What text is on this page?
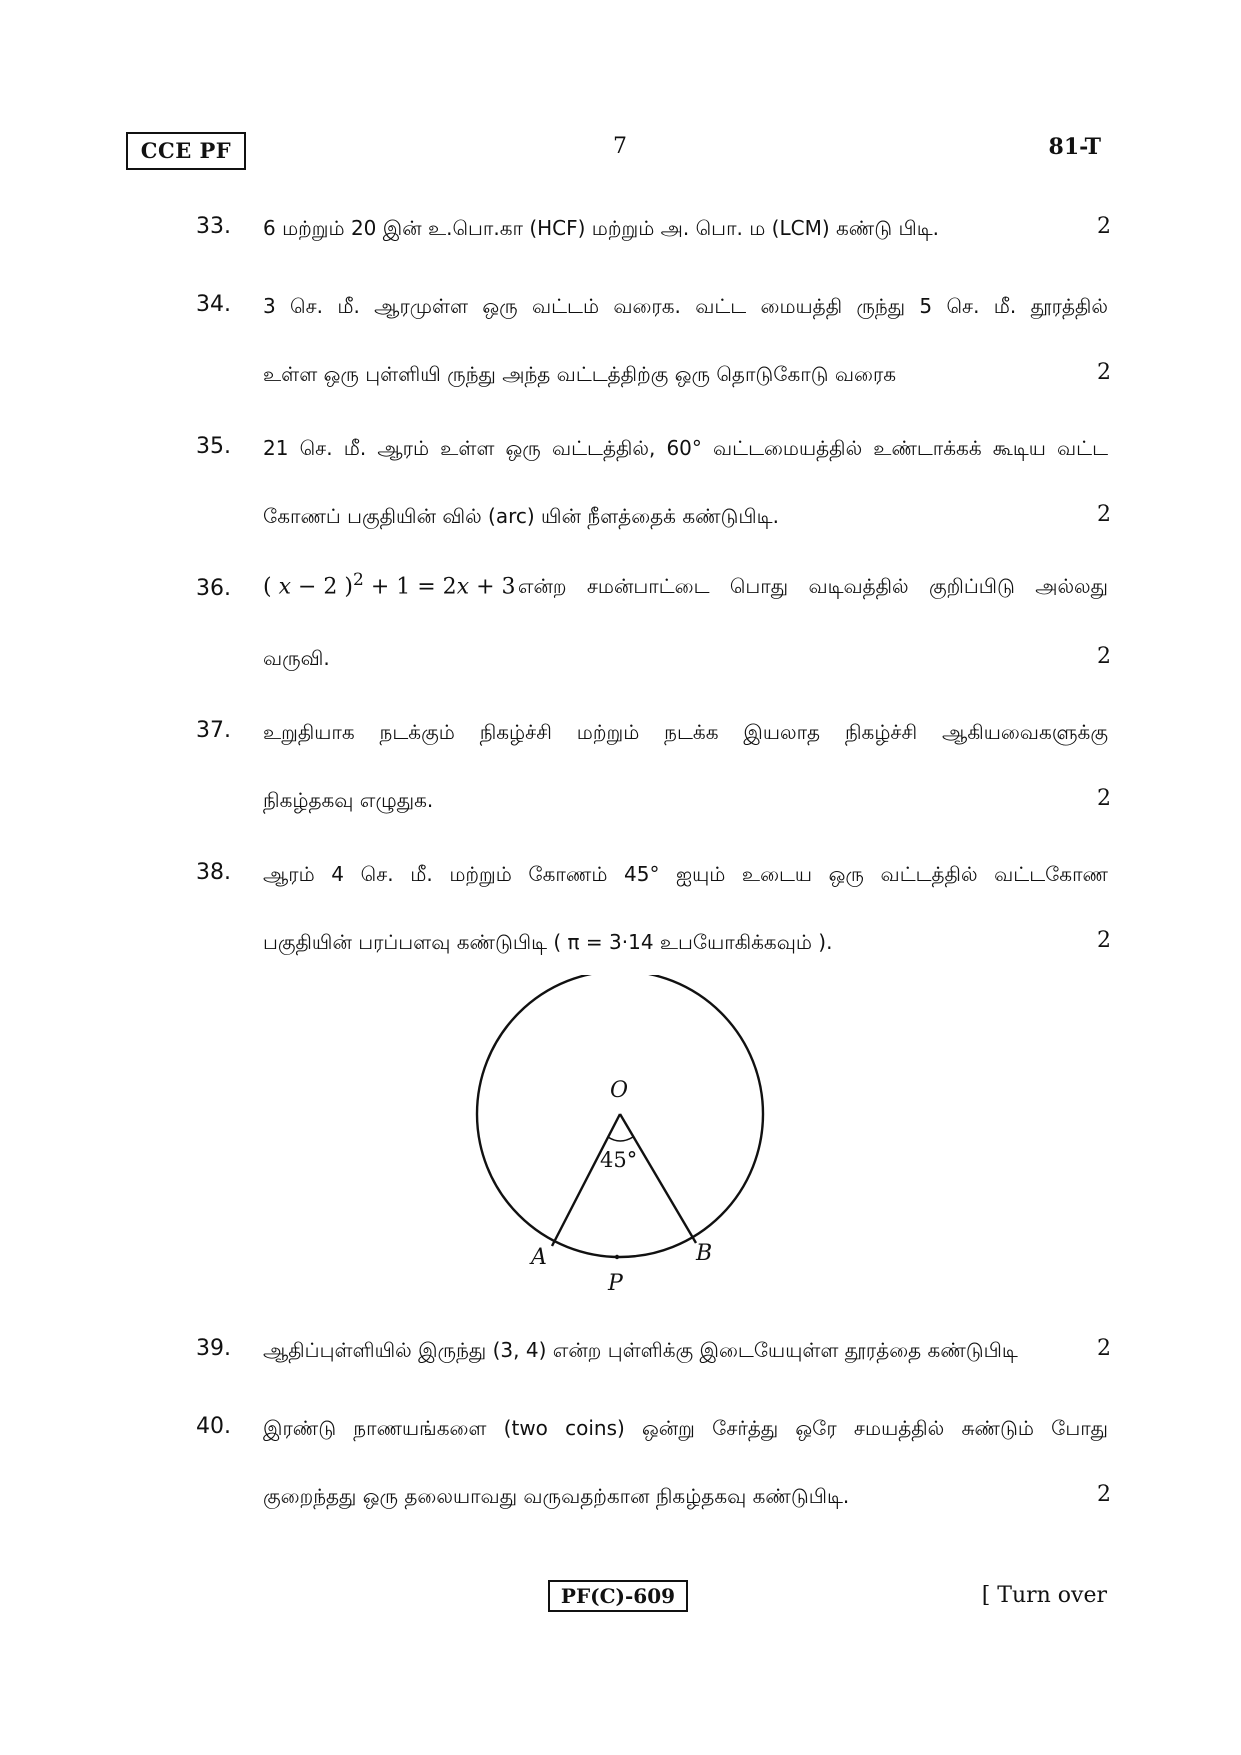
CCE PF	7	81-T
33. 6 மற்றும் 20 இன் உ.பொ.கா (HCF) மற்றும் அ. பொ. ம (LCM) கண்டு பிடி.	2
34. 3 செ. மீ. ஆரமுள்ள ஒரு வட்டம் வரைக. வட்ட மையத்தி ருந்து 5 செ. மீ. தூரத்தில்
உள்ள ஒரு புள்ளியி ருந்து அந்த வட்டத்திற்கு ஒரு தொடுகோடு வரைக	2
35. 21 செ. மீ. ஆரம் உள்ள ஒரு வட்டத்தில், 60° வட்டமையத்தில் உண்டாக்கக் கூடிய வட்ட
கோணப் பகுதியின் வில் (arc) யின் நீளத்தைக் கண்டுபிடி.	2
36. ( x − 2 )$^2$ + 1 = 2x + 3 என்ற சமன்பாட்டை பொது வடிவத்தில் குறிப்பிடு அல்லது
வருவி.	2
37. உறுதியாக நடக்கும் நிகழ்ச்சி மற்றும் நடக்க இயலாத நிகழ்ச்சி ஆகியவைகளுக்கு
நிகழ்தகவு எழுதுக.	2
38. ஆரம் 4 செ. மீ. மற்றும் கோணம் 45° ஐயும் உடைய ஒரு வட்டத்தில் வட்டகோண
பகுதியின் பரப்பளவு கண்டுபிடி ( π = 3·14 உபயோகிக்கவும் ).	2
O
45°
A	B
P
39. ஆதிப்புள்ளியில் இருந்து (3, 4) என்ற புள்ளிக்கு இடையேயுள்ள தூரத்தை கண்டுபிடி	2
40. இரண்டு நாணயங்களை (two coins) ஒன்று சேர்த்து ஒரே சமயத்தில் சுண்டும் போது
குறைந்தது ஒரு தலையாவது வருவதற்கான நிகழ்தகவு கண்டுபிடி.	2
PF(C)-609	[ Turn over
